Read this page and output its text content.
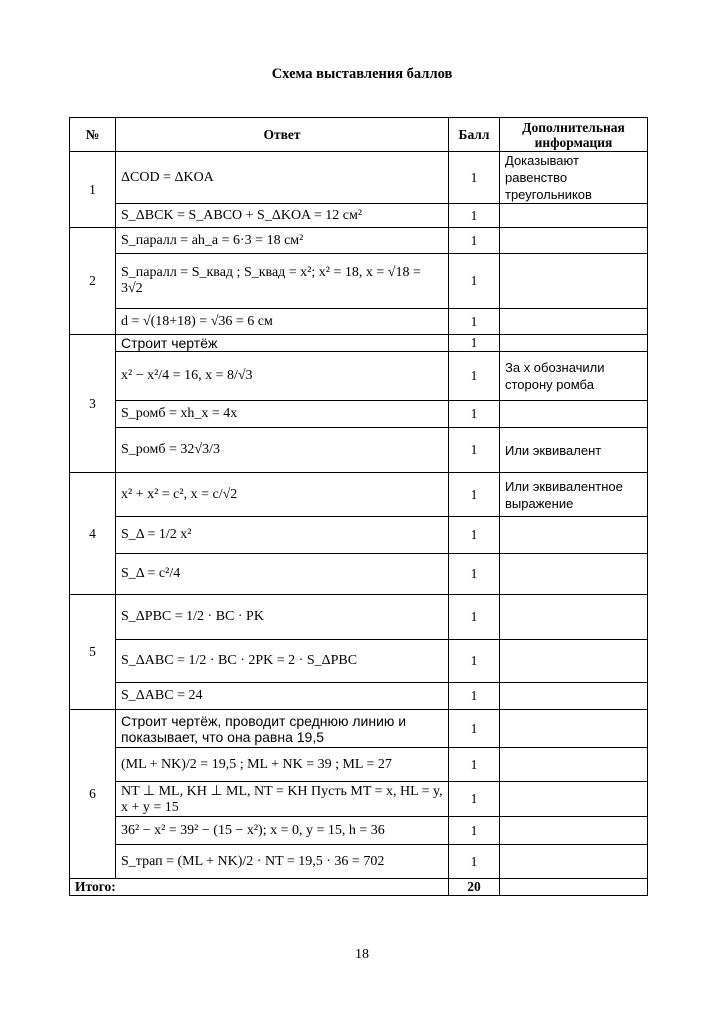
Схема выставления баллов
№	Ответ	Балл	Дополнительная информация
1	ΔCOD = ΔKOA	1	Доказывают равенство треугольников
	S_ΔBCK = S_ABCO + S_ΔKOA = 12 см²	1	
2	S_паралл = ah_a = 6·3 = 18 см²	1	
	S_паралл = S_квад ; S_квад = x²; x² = 18, x = √18 = 3√2	1	
	d = √(18+18) = √36 = 6 см	1	
3	Строит чертёж	1	
	x² − x²/4 = 16, x = 8/√3	1	За x обозначили сторону ромба
	S_ромб = xh_x = 4x	1	
	S_ромб = 32√3/3	1	Или эквивалент
4	x² + x² = c², x = c/√2	1	Или эквивалентное выражение
	S_Δ = 1/2 x²	1	
	S_Δ = c²/4	1	
5	S_ΔPBC = 1/2 · BC · PK	1	
	S_ΔABC = 1/2 · BC · 2PK = 2 · S_ΔPBC	1	
	S_ΔABC = 24	1	
6	Строит чертёж, проводит среднюю линию и показывает, что она равна 19,5	1	
	(ML + NK)/2 = 19,5 ; ML + NK = 39 ; ML = 27	1	
	NT ⊥ ML, KH ⊥ ML, NT = KH Пусть MT = x, HL = y, x + y = 15	1	
	36² − x² = 39² − (15 − x²); x = 0, y = 15, h = 36	1	
	S_трап = (ML + NK)/2 · NT = 19,5 · 36 = 702	1	
Итого:		20	
18
